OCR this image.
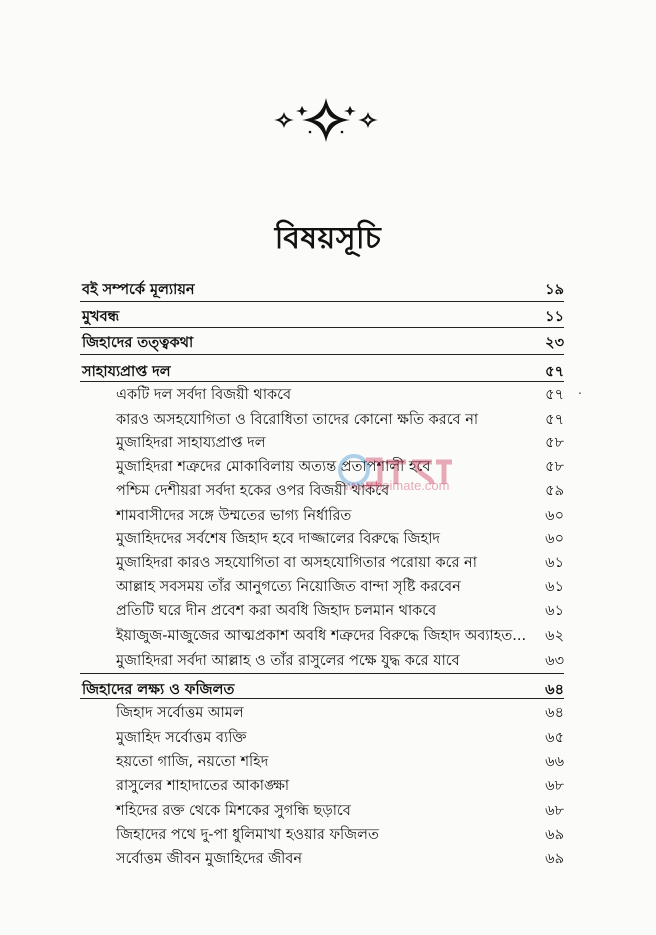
বিষয়সূচি
বই সম্পর্কে মূল্যায়ন	১৯
মুখবন্ধ	১১
জিহাদের তত্ত্বকথা	২৩
সাহায্যপ্রাপ্ত দল	৫৭
একটি দল সর্বদা বিজয়ী থাকবে	৫৭
কারও অসহযোগিতা ও বিরোধিতা তাদের কোনো ক্ষতি করবে না	৫৭
মুজাহিদরা সাহায্যপ্রাপ্ত দল	৫৮
মুজাহিদরা শত্রুদের মোকাবিলায় অত্যন্ত প্রতাপশালী হবে	৫৮
পশ্চিম দেশীয়রা সর্বদা হকের ওপর বিজয়ী থাকবে	৫৯
শামবাসীদের সঙ্গে উম্মতের ভাগ্য নির্ধারিত	৬০
মুজাহিদদের সর্বশেষ জিহাদ হবে দাজ্জালের বিরুদ্ধে জিহাদ	৬০
মুজাহিদরা কারও সহযোগিতা বা অসহযোগিতার পরোয়া করে না	৬১
আল্লাহ সবসময় তাঁর আনুগত্যে নিয়োজিত বান্দা সৃষ্টি করবেন	৬১
প্রতিটি ঘরে দীন প্রবেশ করা অবধি জিহাদ চলমান থাকবে	৬১
ইয়াজুজ-মাজুজের আত্মপ্রকাশ অবধি শত্রুদের বিরুদ্ধে জিহাদ অব্যাহত...	৬২
মুজাহিদরা সর্বদা আল্লাহ ও তাঁর রাসুলের পক্ষে যুদ্ধ করে যাবে	৬৩
জিহাদের লক্ষ্য ও ফজিলত	৬৪
জিহাদ সর্বোত্তম আমল	৬৪
মুজাহিদ সর্বোত্তম ব্যক্তি	৬৫
হয়তো গাজি, নয়তো শহিদ	৬৬
রাসুলের শাহাদাতের আকাঙ্ক্ষা	৬৮
শহিদের রক্ত থেকে মিশকের সুগন্ধি ছড়াবে	৬৮
জিহাদের পথে দু-পা ধুলিমাখা হওয়ার ফজিলত	৬৯
সর্বোত্তম জীবন মুজাহিদের জীবন	৬৯
www.boimate.com
.
